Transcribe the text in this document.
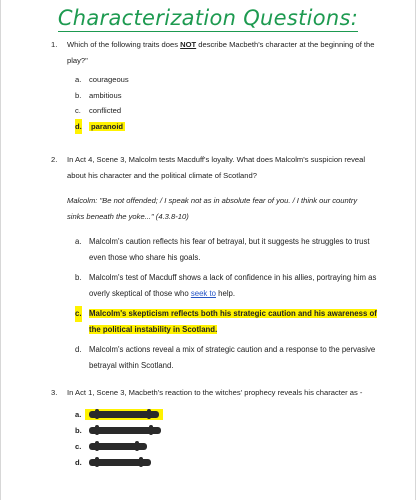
Characterization Questions:
1. Which of the following traits does NOT describe Macbeth's character at the beginning of the play?"
a. courageous
b. ambitious
c. conflicted
d. paranoid
2. In Act 4, Scene 3, Malcolm tests Macduff's loyalty. What does Malcolm's suspicion reveal about his character and the political climate of Scotland?
Malcolm: "Be not offended; / I speak not as in absolute fear of you. / I think our country sinks beneath the yoke..." (4.3.8-10)
a. Malcolm's caution reflects his fear of betrayal, but it suggests he struggles to trust even those who share his goals.
b. Malcolm's test of Macduff shows a lack of confidence in his allies, portraying him as overly skeptical of those who seek to help.
c. Malcolm's skepticism reflects both his strategic caution and his awareness of the political instability in Scotland.
d. Malcolm's actions reveal a mix of strategic caution and a response to the pervasive betrayal within Scotland.
3. In Act 1, Scene 3, Macbeth's reaction to the witches' prophecy reveals his character as -
a.
b.
c.
d.
